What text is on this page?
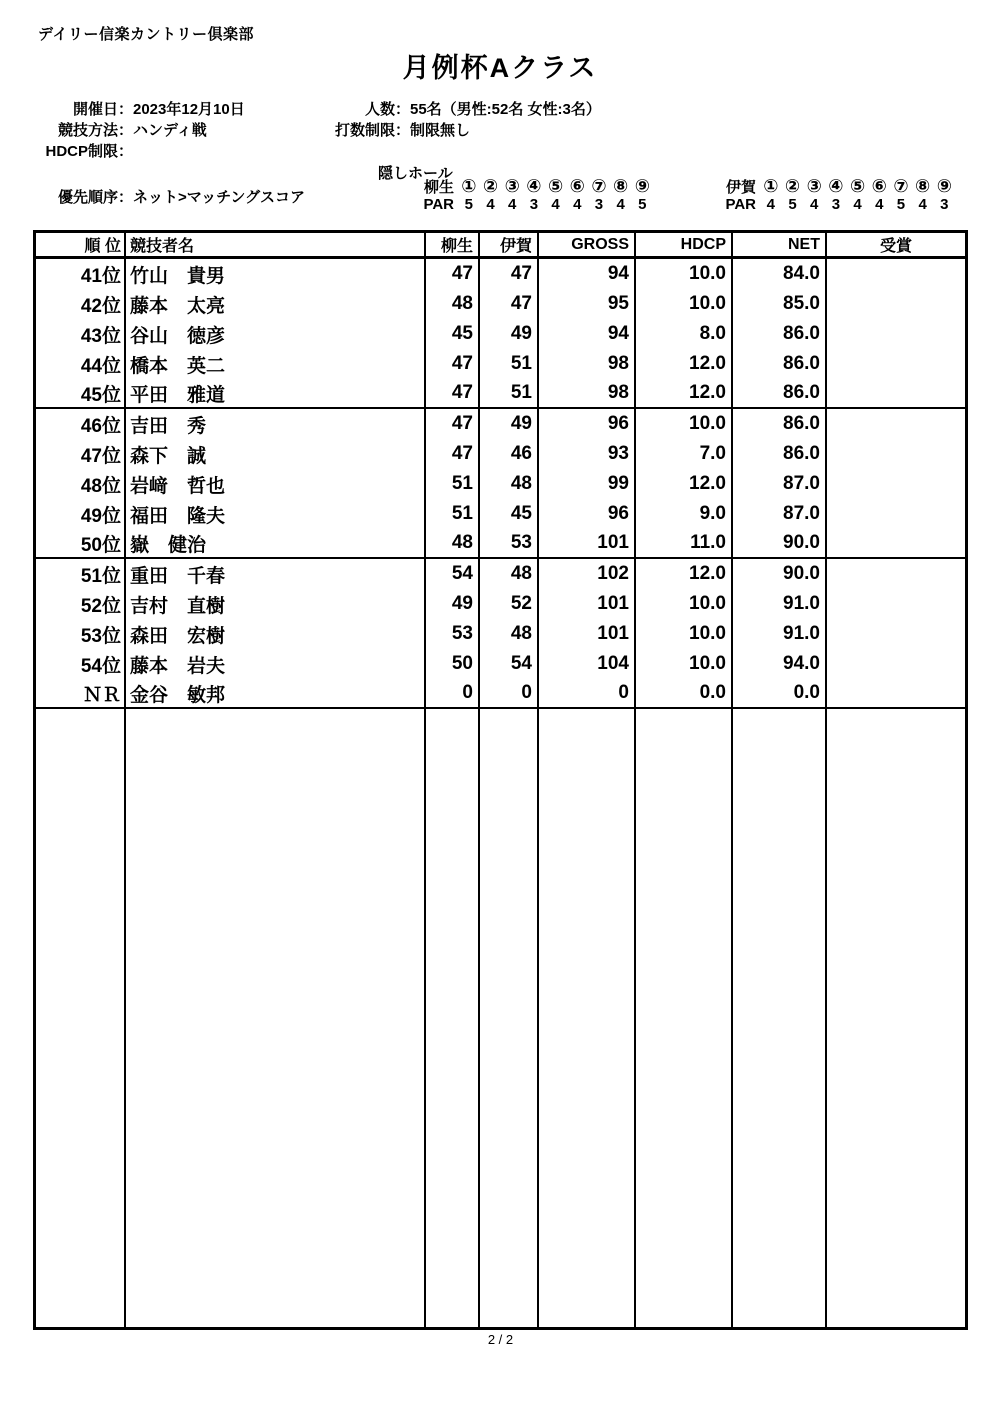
デイリー信楽カントリー倶楽部
月例杯Aクラス
開催日： 2023年12月10日
競技方法： ハンディ戦
HDCP制限：
優先順序： ネット>マッチングスコア
人数： 55名（男性:52名 女性:3名）
打数制限： 制限無し
隠しホール
柳生 ① ② ③ ④ ⑤ ⑥ ⑦ ⑧ ⑨
PAR 5 4 4 3 4 4 3 4 5
伊賀 ① ② ③ ④ ⑤ ⑥ ⑦ ⑧ ⑨
PAR 4 5 4 3 4 4 5 4 3
順 位 競技者名	柳生	伊賀	GROSS	HDCP	NET	受賞
41位 竹山　貴男	47	47	94	10.0	84.0
42位 藤本　太亮	48	47	95	10.0	85.0
43位 谷山　徳彦	45	49	94	8.0	86.0
44位 橋本　英二	47	51	98	12.0	86.0
45位 平田　雅道	47	51	98	12.0	86.0
46位 吉田　秀	47	49	96	10.0	86.0
47位 森下　誠	47	46	93	7.0	86.0
48位 岩﨑　哲也	51	48	99	12.0	87.0
49位 福田　隆夫	51	45	96	9.0	87.0
50位 嶽　健治	48	53	101	11.0	90.0
51位 重田　千春	54	48	102	12.0	90.0
52位 吉村　直樹	49	52	101	10.0	91.0
53位 森田　宏樹	53	48	101	10.0	91.0
54位 藤本　岩夫	50	54	104	10.0	94.0
ＮＲ 金谷　敏邦	0	0	0	0.0	0.0
2 / 2
